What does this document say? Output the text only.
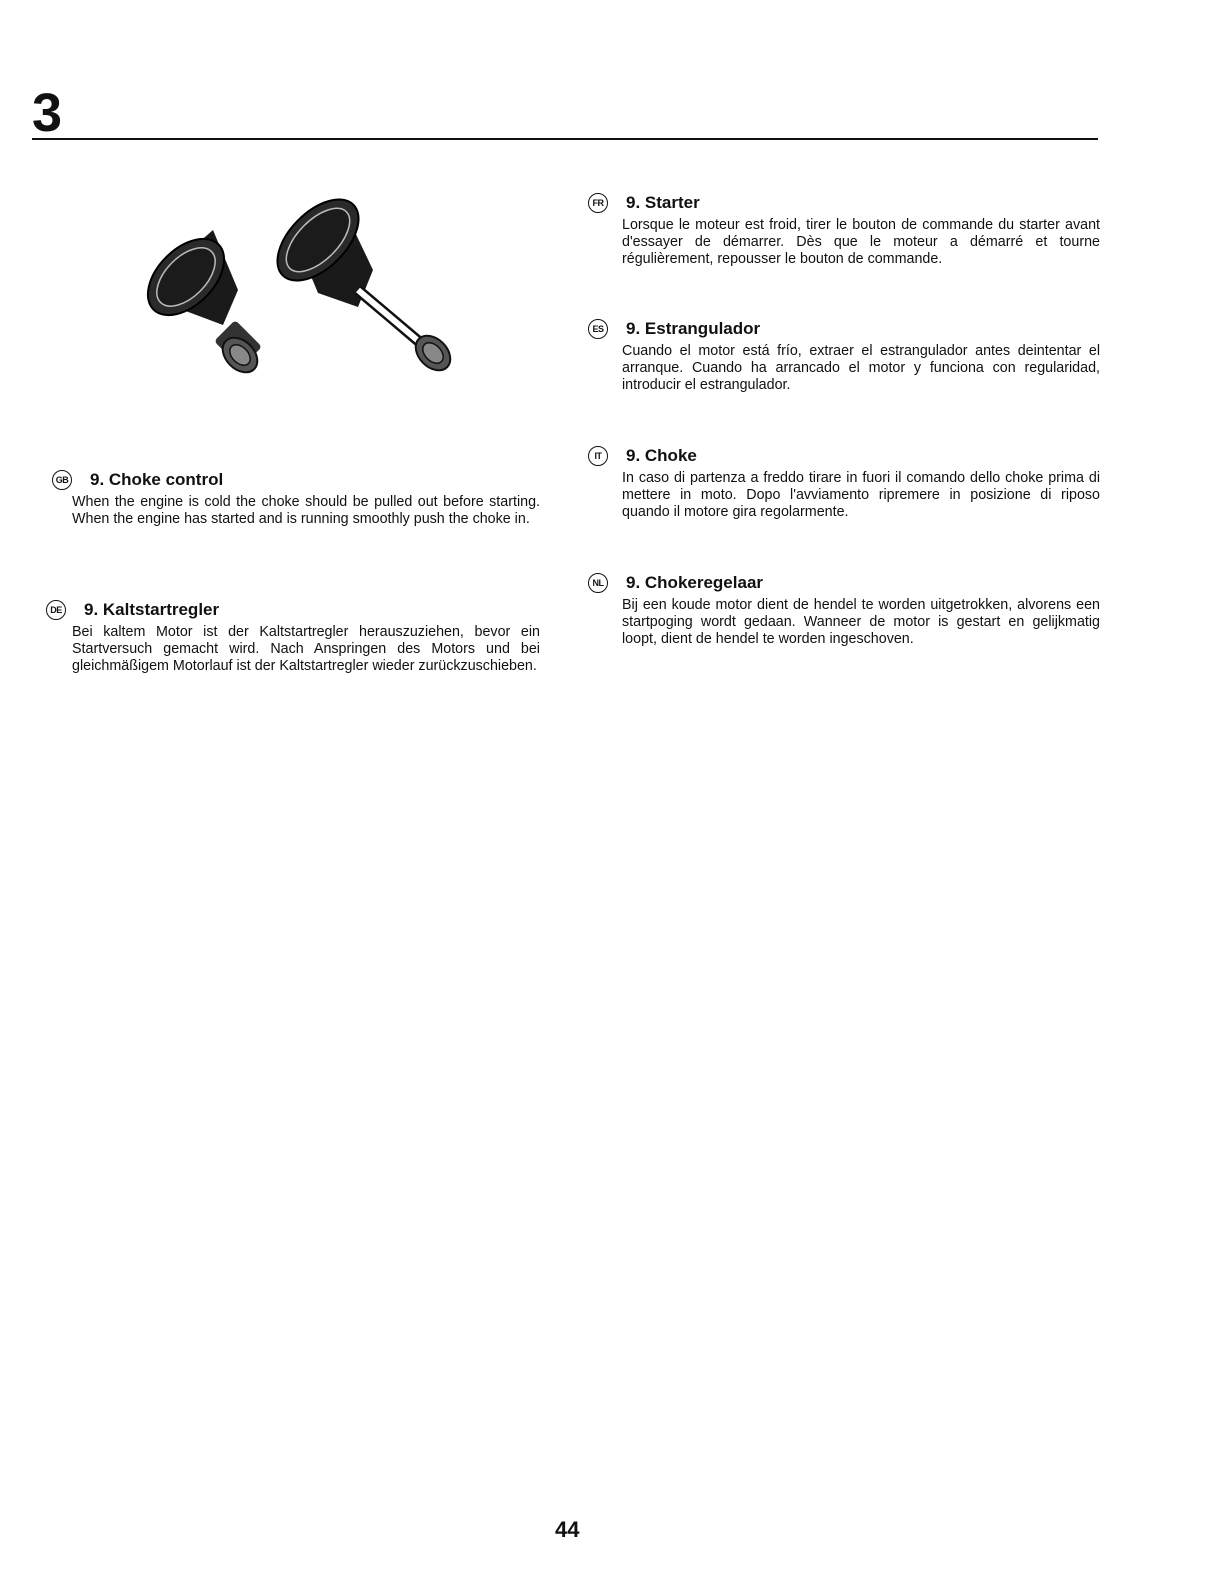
3
GB 9. Choke control
When the engine is cold the choke should be pulled out before starting. When the engine has started and is running smoothly push the choke in.
DE 9. Kaltstartregler
Bei kaltem Motor ist der Kaltstartregler herauszuziehen, bevor ein Startversuch gemacht wird. Nach Anspringen des Motors und bei gleichmäßigem Motorlauf ist der Kaltstartregler wieder zurückzuschieben.
FR 9. Starter
Lorsque le moteur est froid, tirer le bouton de commande du starter avant d'essayer de démarrer. Dès que le moteur a démarré et tourne régulièrement, repousser le bouton de commande.
ES 9. Estrangulador
Cuando el motor está frío, extraer el estrangulador antes deintentar el arranque. Cuando ha arrancado el motor y funciona con regularidad, introducir el estrangulador.
IT	9. Choke
In caso di partenza a freddo tirare in fuori il comando dello choke prima di mettere in moto. Dopo l'avviamento ripremere in posizione di riposo quando il motore gira regolarmente.
NL 9. Chokeregelaar
Bij een koude motor dient de hendel te worden uitgetrokken, alvorens een startpoging wordt gedaan. Wanneer de motor is gestart en gelijkmatig loopt, dient de hendel te worden ingeschoven.
44
